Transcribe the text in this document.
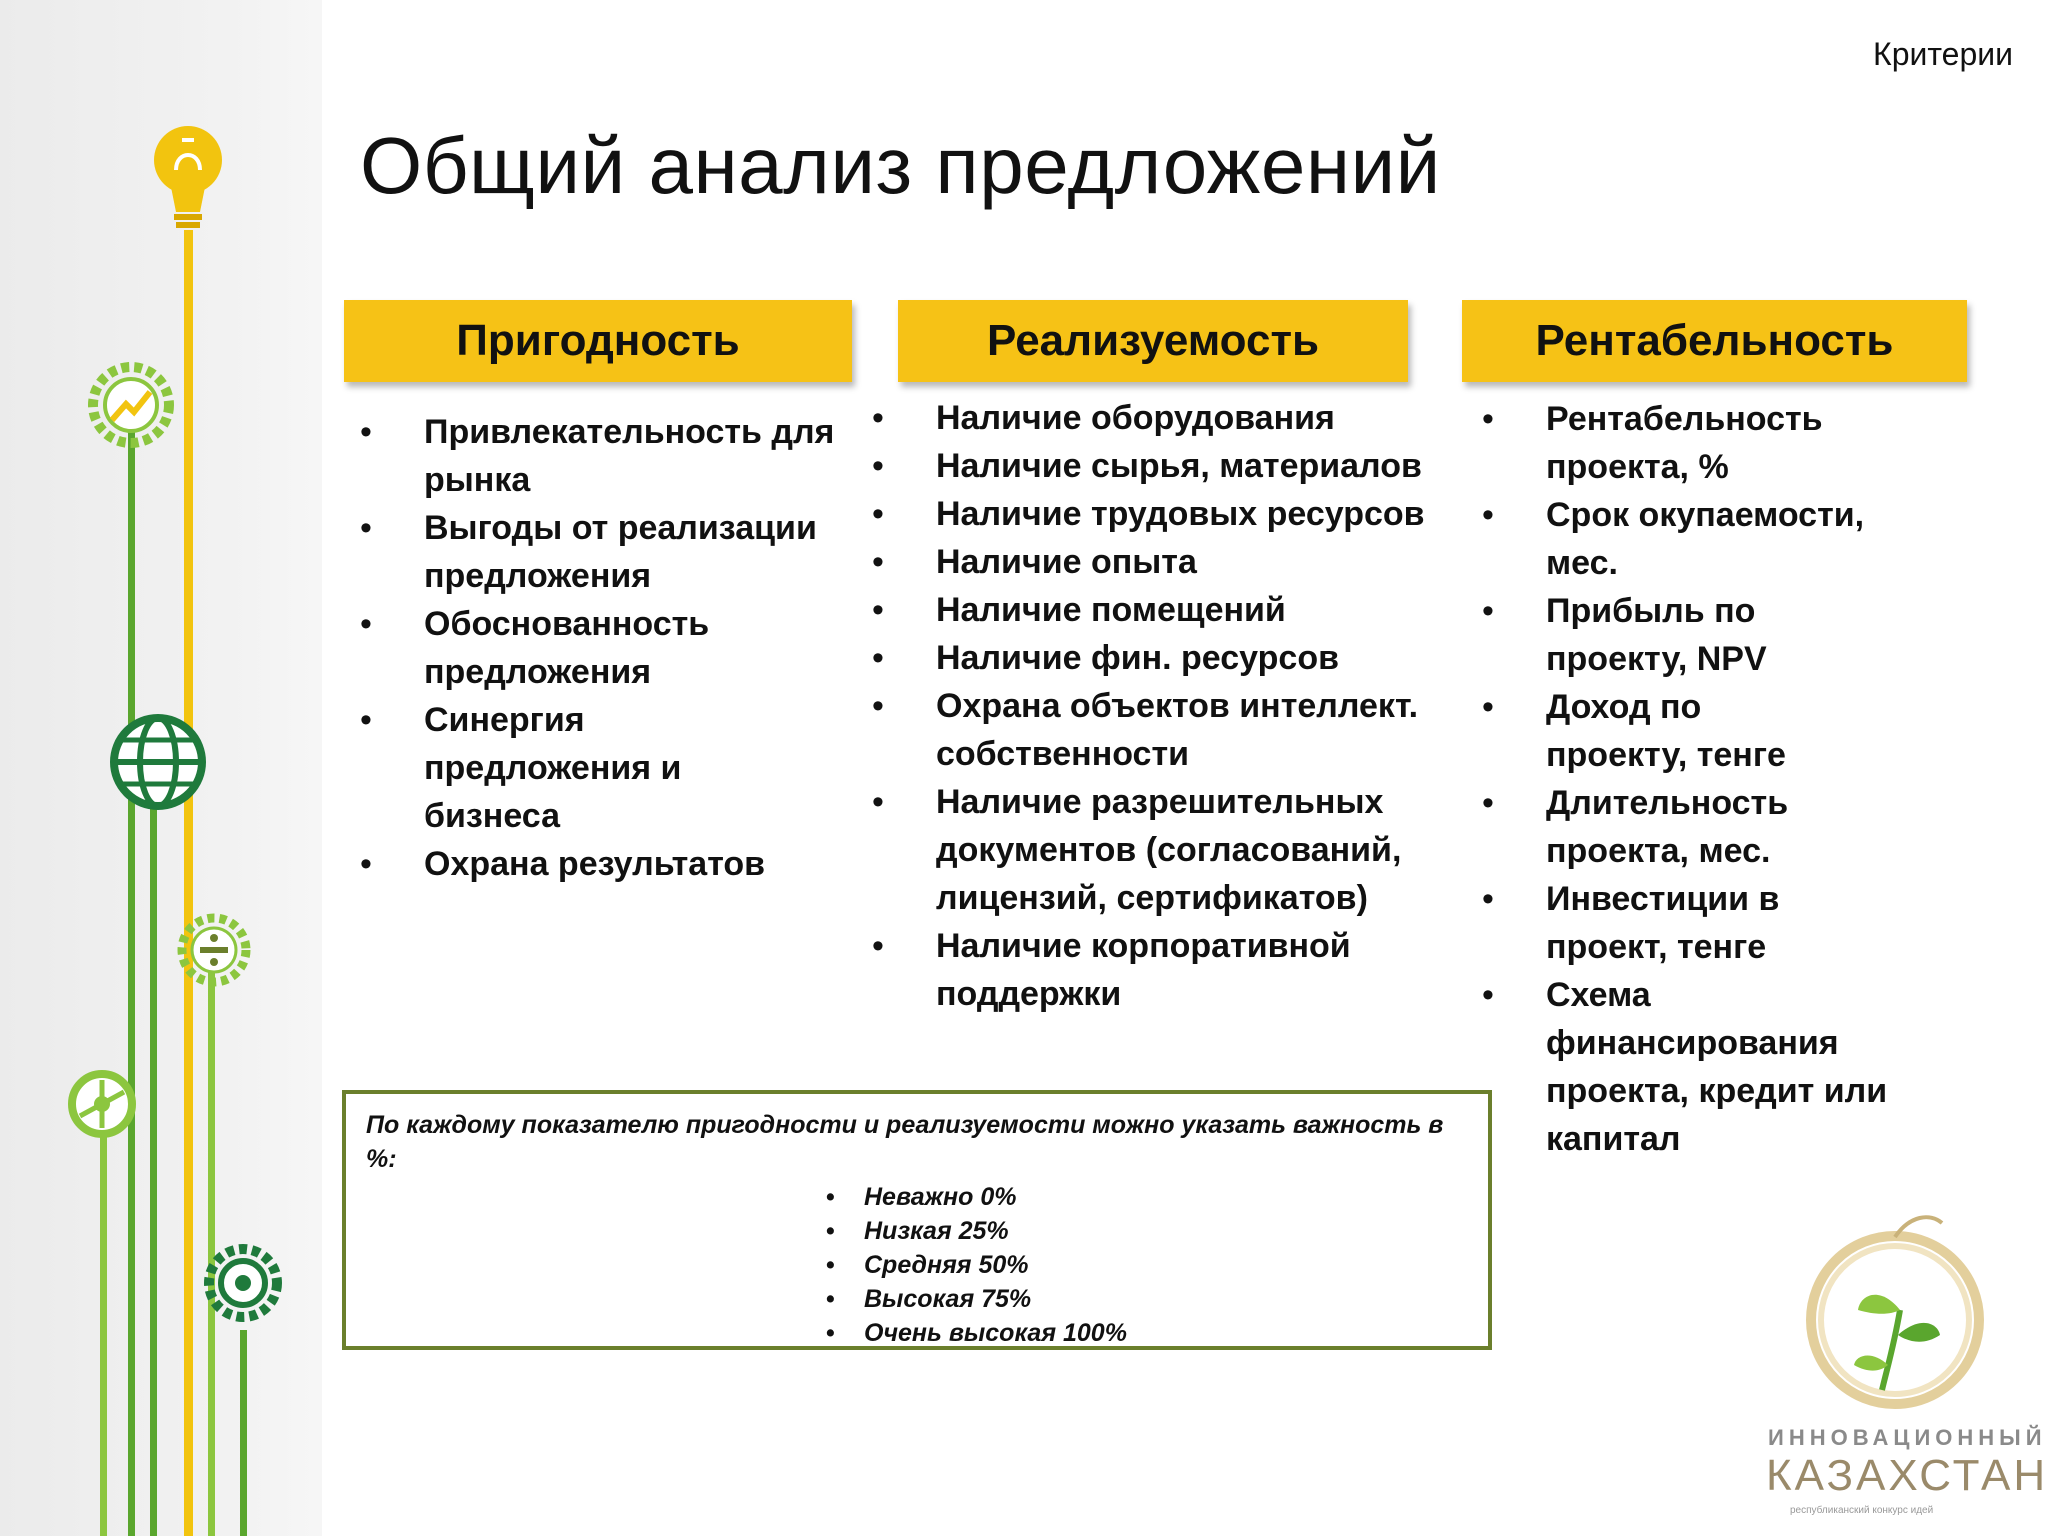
Критерии
Общий анализ предложений
Пригодность	Реализуемость	Рентабельность
• Привлекательность для рынка
• Выгоды от реализации предложения
• Обоснованность предложения
• Синергия предложения и бизнеса
• Охрана результатов
• Наличие оборудования
• Наличие сырья, материалов
• Наличие трудовых ресурсов
• Наличие опыта
• Наличие помещений
• Наличие фин. ресурсов
• Охрана объектов интеллект. собственности
• Наличие разрешительных документов (согласований, лицензий, сертификатов)
• Наличие корпоративной поддержки
• Рентабельность проекта, %
• Срок окупаемости, мес.
• Прибыль по проекту, NPV
• Доход по проекту, тенге
• Длительность проекта, мес.
• Инвестиции в проект, тенге
• Схема финансирования проекта, кредит или капитал
По каждому показателю пригодности и реализуемости можно указать важность в %:
• Неважно 0%
• Низкая 25%
• Средняя 50%
• Высокая 75%
• Очень высокая 100%
ИННОВАЦИОННЫЙ
КАЗАХСТАН
республиканский конкурс идей
